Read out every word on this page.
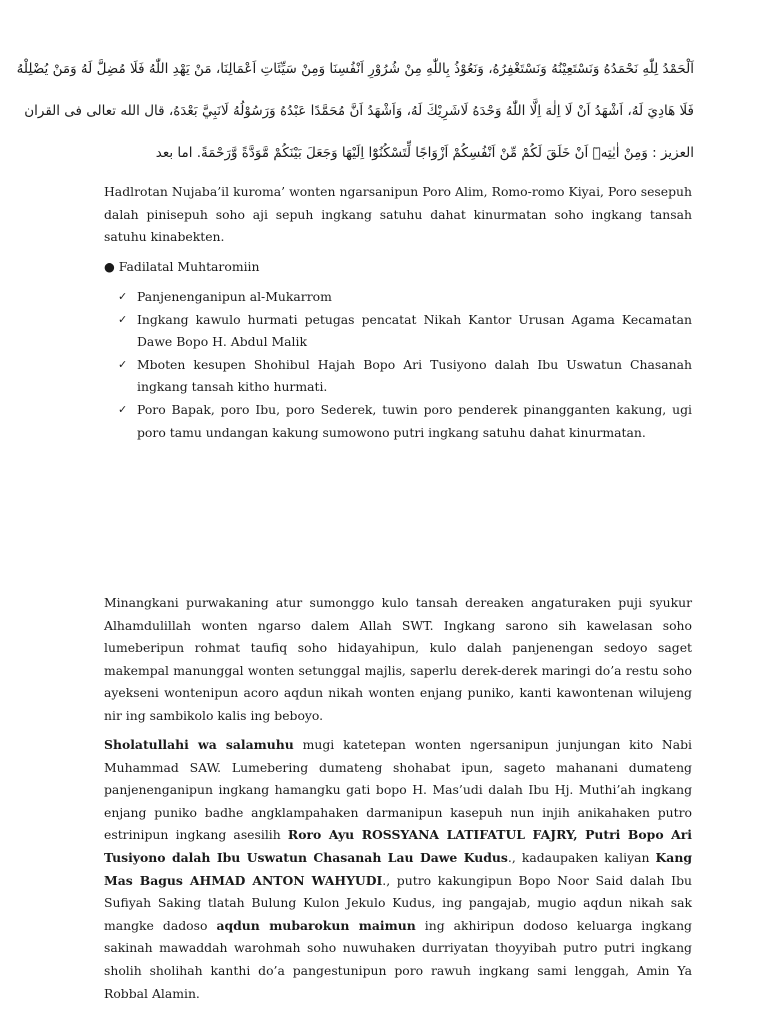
اَلْحَمْدُ لِلّٰهِ نَحْمَدُهُ وَنَسْتَعِيْنُهُ وَنَسْتَغْفِرُهُ، وَنَعُوْذُ بِاللّٰهِ مِنْ شُرُوْرِ اَنْفُسِنَا وَمِنْ سَيِّئَاتِ اَعْمَالِنَا، مَنْ يَهْدِ اللّٰهُ فَلَا مُضِلَّ لَهُ وَمَنْ يُضْلِلْهُ
فَلَا هَادِيَ لَهُ، اَشْهَدُ اَنْ لَا اِلٰهَ اِلَّا اللّٰهُ وَحْدَهُ لَاشَرِيْكَ لَهُ، وَاَشْهَدُ اَنَّ مُحَمَّدًا عَبْدُهُ وَرَسُوْلُهُ لَانَبِيَّ بَعْدَهُ، قال الله تعالى فى القران
العزيز : وَمِنْ اٰيٰتِهٖٓ اَنْ خَلَقَ لَكُمْ مِّنْ اَنْفُسِكُمْ اَزْوَاجًا لِّتَسْكُنُوْٓا اِلَيْهَا وَجَعَلَ بَيْنَكُمْ مَّوَدَّةً وَّرَحْمَةً. اما بعد

Hadlrotan Nujaba’il kuroma’ wonten ngarsanipun Poro Alim, Romo-romo Kiyai, Poro sesepuh dalah pinisepuh soho aji sepuh ingkang satuhu dahat kinurmatan soho ingkang tansah satuhu kinabekten.

● Fadilatal Muhtaromiin
✓ Panjenenganipun al-Mukarrom
✓ Ingkang kawulo hurmati petugas pencatat Nikah Kantor Urusan Agama Kecamatan Dawe Bopo H. Abdul Malik
✓ Mboten kesupen Shohibul Hajah Bopo Ari Tusiyono dalah Ibu Uswatun Chasanah ingkang tansah kitho hurmati.
✓ Poro Bapak, poro Ibu, poro Sederek, tuwin poro penderek pinangganten kakung, ugi poro tamu undangan kakung sumowono putri ingkang satuhu dahat kinurmatan.

Minangkani purwakaning atur sumonggo kulo tansah dereaken angaturaken puji syukur Alhamdulillah wonten ngarso dalem Allah SWT. Ingkang sarono sih kawelasan soho lumeberipun rohmat taufiq soho hidayahipun, kulo dalah panjenengan sedoyo saget makempal manunggal wonten setunggal majlis, saperlu derek-derek maringi do’a restu soho ayekseni wontenipun acoro aqdun nikah wonten enjang puniko, kanti kawontenan wilujeng nir ing sambikolo kalis ing beboyo.

Sholatullahi wa salamuhu mugi katetepan wonten ngersanipun junjungan kito Nabi Muhammad SAW. Lumebering dumateng shohabat ipun, sageto mahanani dumateng panjenenganipun ingkang hamangku gati bopo H. Mas’udi dalah Ibu Hj. Muthi’ah ingkang enjang puniko badhe angklampahaken darmanipun kasepuh nun injih anikahaken putro estrinipun ingkang asesilih Roro Ayu ROSSYANA LATIFATUL FAJRY, Putri Bopo Ari Tusiyono dalah Ibu Uswatun Chasanah Lau Dawe Kudus., kadaupaken kaliyan Kang Mas Bagus AHMAD ANTON WAHYUDI., putro kakungipun Bopo Noor Said dalah Ibu Sufiyah Saking tlatah Bulung Kulon Jekulo Kudus, ing pangajab, mugio aqdun nikah sak mangke dadoso aqdun mubarokun maimun ing akhiripun dodoso keluarga ingkang sakinah mawaddah warohmah soho nuwuhaken durriyatan thoyyibah putro putri ingkang sholih sholihah kanthi do’a pangestunipun poro rawuh ingkang sami lenggah, Amin Ya Robbal Alamin.
